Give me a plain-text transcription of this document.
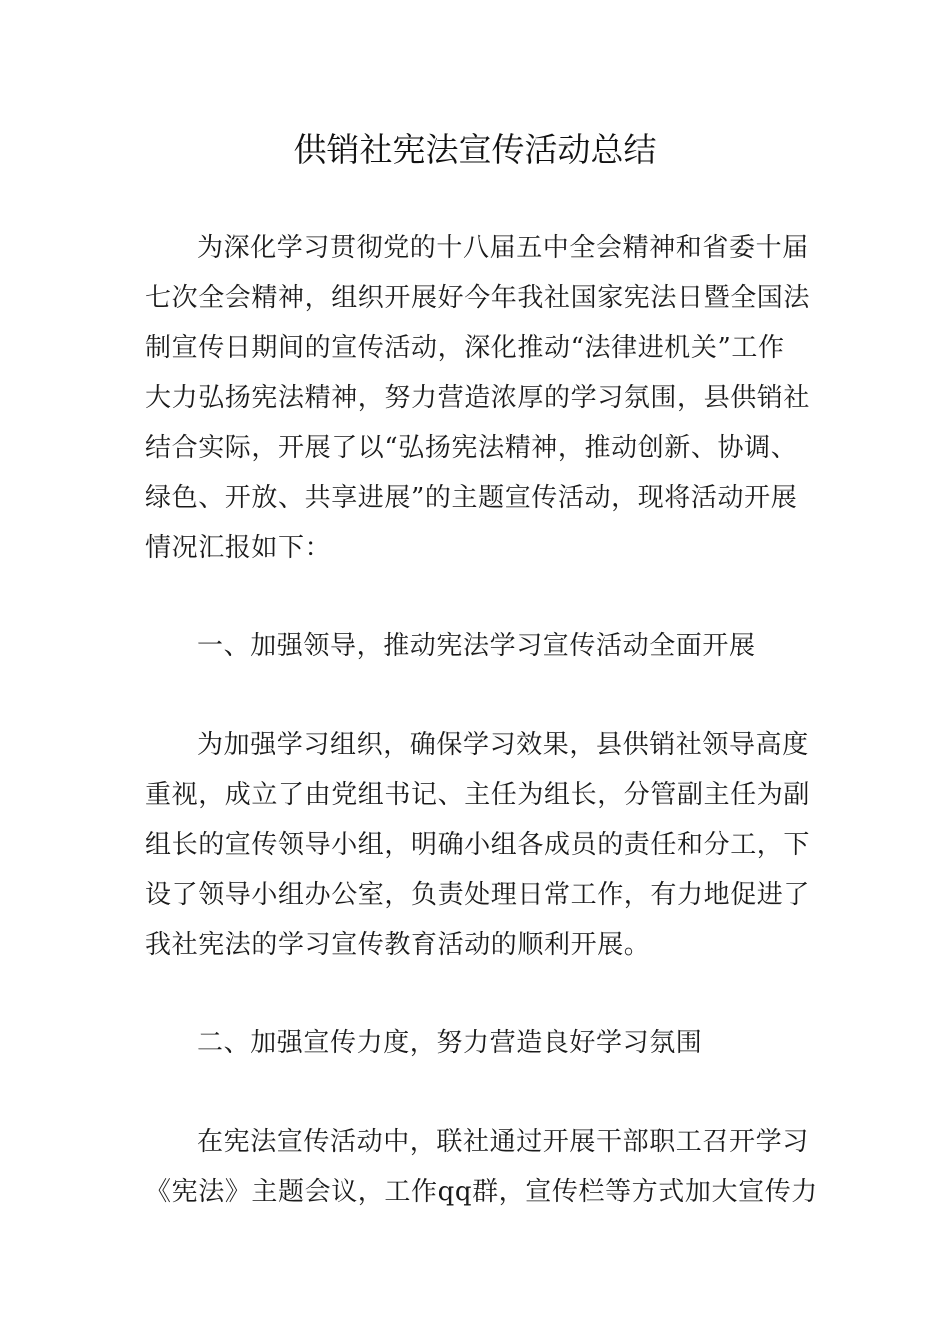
供销社宪法宣传活动总结
为深化学习贯彻党的十八届五中全会精神和省委十届
七次全会精神，组织开展好今年我社国家宪法日暨全国法
制宣传日期间的宣传活动，深化推动“法律进机关”工作
大力弘扬宪法精神，努力营造浓厚的学习氛围，县供销社
结合实际，开展了以“弘扬宪法精神，推动创新、协调、
绿色、开放、共享进展”的主题宣传活动，现将活动开展
情况汇报如下：
一、加强领导，推动宪法学习宣传活动全面开展
为加强学习组织，确保学习效果，县供销社领导高度
重视，成立了由党组书记、主任为组长，分管副主任为副
组长的宣传领导小组，明确小组各成员的责任和分工，下
设了领导小组办公室，负责处理日常工作，有力地促进了
我社宪法的学习宣传教育活动的顺利开展。
二、加强宣传力度，努力营造良好学习氛围
在宪法宣传活动中，联社通过开展干部职工召开学习
《宪法》主题会议，工作qq群，宣传栏等方式加大宣传力
